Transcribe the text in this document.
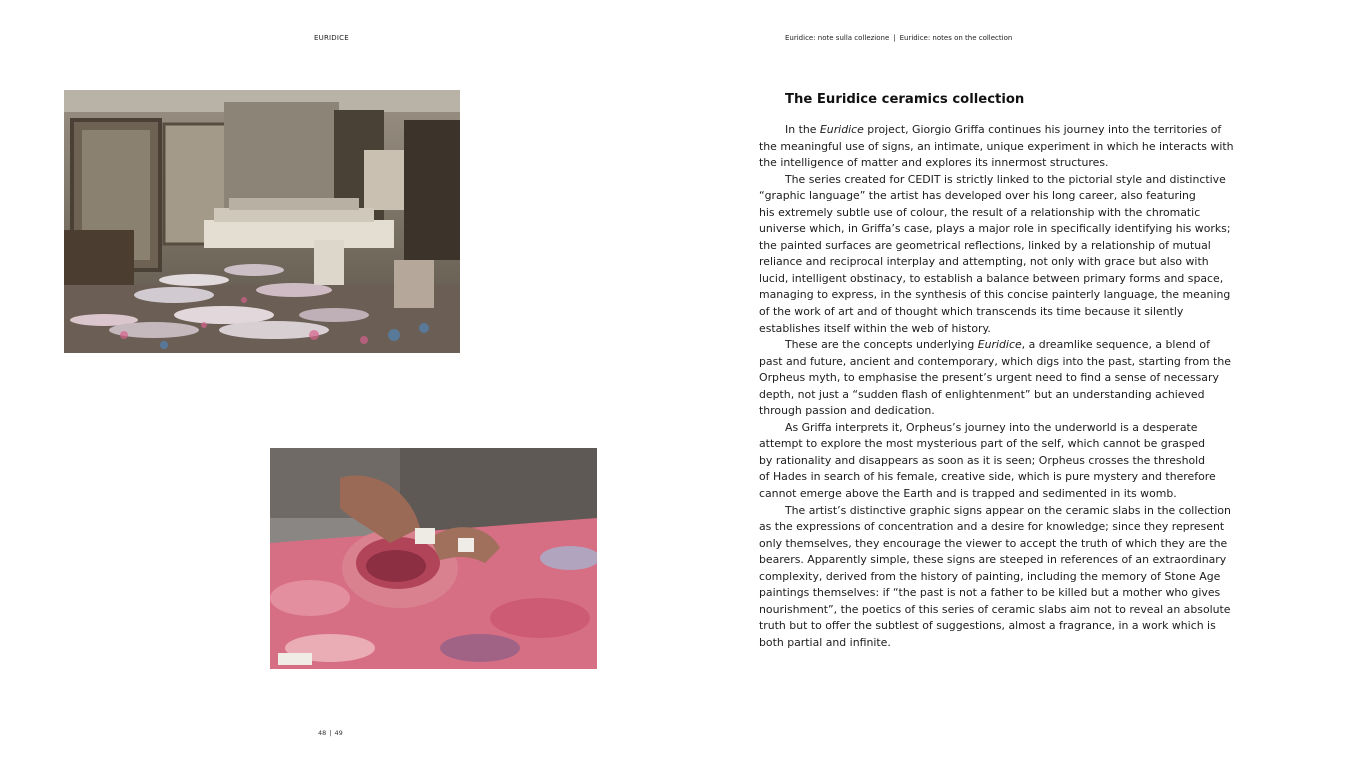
EURIDICE	Euridice: note sulla collezione | Euridice: notes on the collection
48 | 49
The Euridice ceramics collection

In the Euridice project, Giorgio Griffa continues his journey into the territories of
the meaningful use of signs, an intimate, unique experiment in which he interacts with
the intelligence of matter and explores its innermost structures.

The series created for CEDIT is strictly linked to the pictorial style and distinctive
“graphic language” the artist has developed over his long career, also featuring
his extremely subtle use of colour, the result of a relationship with the chromatic
universe which, in Griffa’s case, plays a major role in specifically identifying his works;
the painted surfaces are geometrical reflections, linked by a relationship of mutual
reliance and reciprocal interplay and attempting, not only with grace but also with
lucid, intelligent obstinacy, to establish a balance between primary forms and space,
managing to express, in the synthesis of this concise painterly language, the meaning
of the work of art and of thought which transcends its time because it silently
establishes itself within the web of history.

These are the concepts underlying Euridice, a dreamlike sequence, a blend of
past and future, ancient and contemporary, which digs into the past, starting from the
Orpheus myth, to emphasise the present’s urgent need to find a sense of necessary
depth, not just a “sudden flash of enlightenment” but an understanding achieved
through passion and dedication.

As Griffa interprets it, Orpheus’s journey into the underworld is a desperate
attempt to explore the most mysterious part of the self, which cannot be grasped
by rationality and disappears as soon as it is seen; Orpheus crosses the threshold
of Hades in search of his female, creative side, which is pure mystery and therefore
cannot emerge above the Earth and is trapped and sedimented in its womb.

The artist’s distinctive graphic signs appear on the ceramic slabs in the collection
as the expressions of concentration and a desire for knowledge; since they represent
only themselves, they encourage the viewer to accept the truth of which they are the
bearers. Apparently simple, these signs are steeped in references of an extraordinary
complexity, derived from the history of painting, including the memory of Stone Age
paintings themselves: if “the past is not a father to be killed but a mother who gives
nourishment”, the poetics of this series of ceramic slabs aim not to reveal an absolute
truth but to offer the subtlest of suggestions, almost a fragrance, in a work which is
both partial and infinite.
